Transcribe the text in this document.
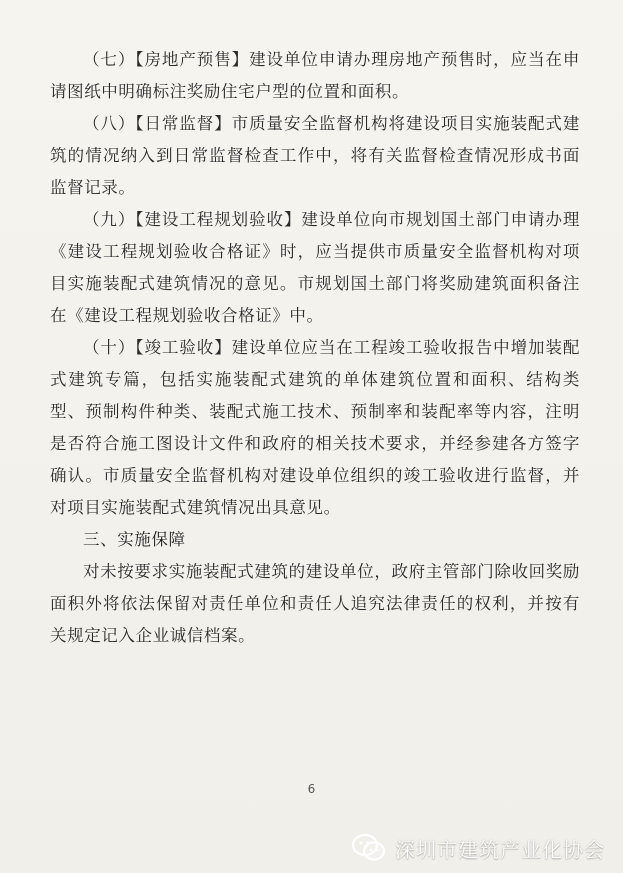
（七）【房地产预售】建设单位申请办理房地产预售时，应当在申请图纸中明确标注奖励住宅户型的位置和面积。

（八）【日常监督】市质量安全监督机构将建设项目实施装配式建筑的情况纳入到日常监督检查工作中，将有关监督检查情况形成书面监督记录。

（九）【建设工程规划验收】建设单位向市规划国土部门申请办理《建设工程规划验收合格证》时，应当提供市质量安全监督机构对项目实施装配式建筑情况的意见。市规划国土部门将奖励建筑面积备注在《建设工程规划验收合格证》中。

（十）【竣工验收】建设单位应当在工程竣工验收报告中增加装配式建筑专篇，包括实施装配式建筑的单体建筑位置和面积、结构类型、预制构件种类、装配式施工技术、预制率和装配率等内容，注明是否符合施工图设计文件和政府的相关技术要求，并经参建各方签字确认。市质量安全监督机构对建设单位组织的竣工验收进行监督，并对项目实施装配式建筑情况出具意见。

三、实施保障

对未按要求实施装配式建筑的建设单位，政府主管部门除收回奖励面积外将依法保留对责任单位和责任人追究法律责任的权利，并按有关规定记入企业诚信档案。

6
深圳市建筑产业化协会
